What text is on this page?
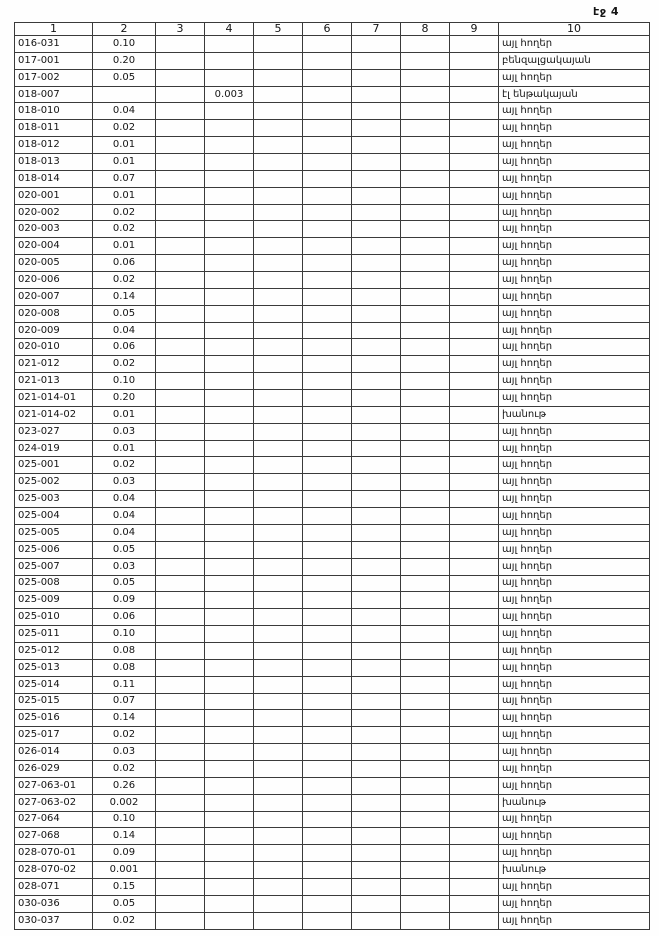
էջ 4
1	2	3	4	5	6	7	8	9	10
016-031	0.10								այլ հողեր
017-001	0.20								բենզալցակայան
017-002	0.05								այլ հողեր
018-007			0.003						էլ ենթակայան
018-010	0.04								այլ հողեր
018-011	0.02								այլ հողեր
018-012	0.01								այլ հողեր
018-013	0.01								այլ հողեր
018-014	0.07								այլ հողեր
020-001	0.01								այլ հողեր
020-002	0.02								այլ հողեր
020-003	0.02								այլ հողեր
020-004	0.01								այլ հողեր
020-005	0.06								այլ հողեր
020-006	0.02								այլ հողեր
020-007	0.14								այլ հողեր
020-008	0.05								այլ հողեր
020-009	0.04								այլ հողեր
020-010	0.06								այլ հողեր
021-012	0.02								այլ հողեր
021-013	0.10								այլ հողեր
021-014-01	0.20								այլ հողեր
021-014-02	0.01								խանութ
023-027	0.03								այլ հողեր
024-019	0.01								այլ հողեր
025-001	0.02								այլ հողեր
025-002	0.03								այլ հողեր
025-003	0.04								այլ հողեր
025-004	0.04								այլ հողեր
025-005	0.04								այլ հողեր
025-006	0.05								այլ հողեր
025-007	0.03								այլ հողեր
025-008	0.05								այլ հողեր
025-009	0.09								այլ հողեր
025-010	0.06								այլ հողեր
025-011	0.10								այլ հողեր
025-012	0.08								այլ հողեր
025-013	0.08								այլ հողեր
025-014	0.11								այլ հողեր
025-015	0.07								այլ հողեր
025-016	0.14								այլ հողեր
025-017	0.02								այլ հողեր
026-014	0.03								այլ հողեր
026-029	0.02								այլ հողեր
027-063-01	0.26								այլ հողեր
027-063-02	0.002								խանութ
027-064	0.10								այլ հողեր
027-068	0.14								այլ հողեր
028-070-01	0.09								այլ հողեր
028-070-02	0.001								խանութ
028-071	0.15								այլ հողեր
030-036	0.05								այլ հողեր
030-037	0.02								այլ հողեր
